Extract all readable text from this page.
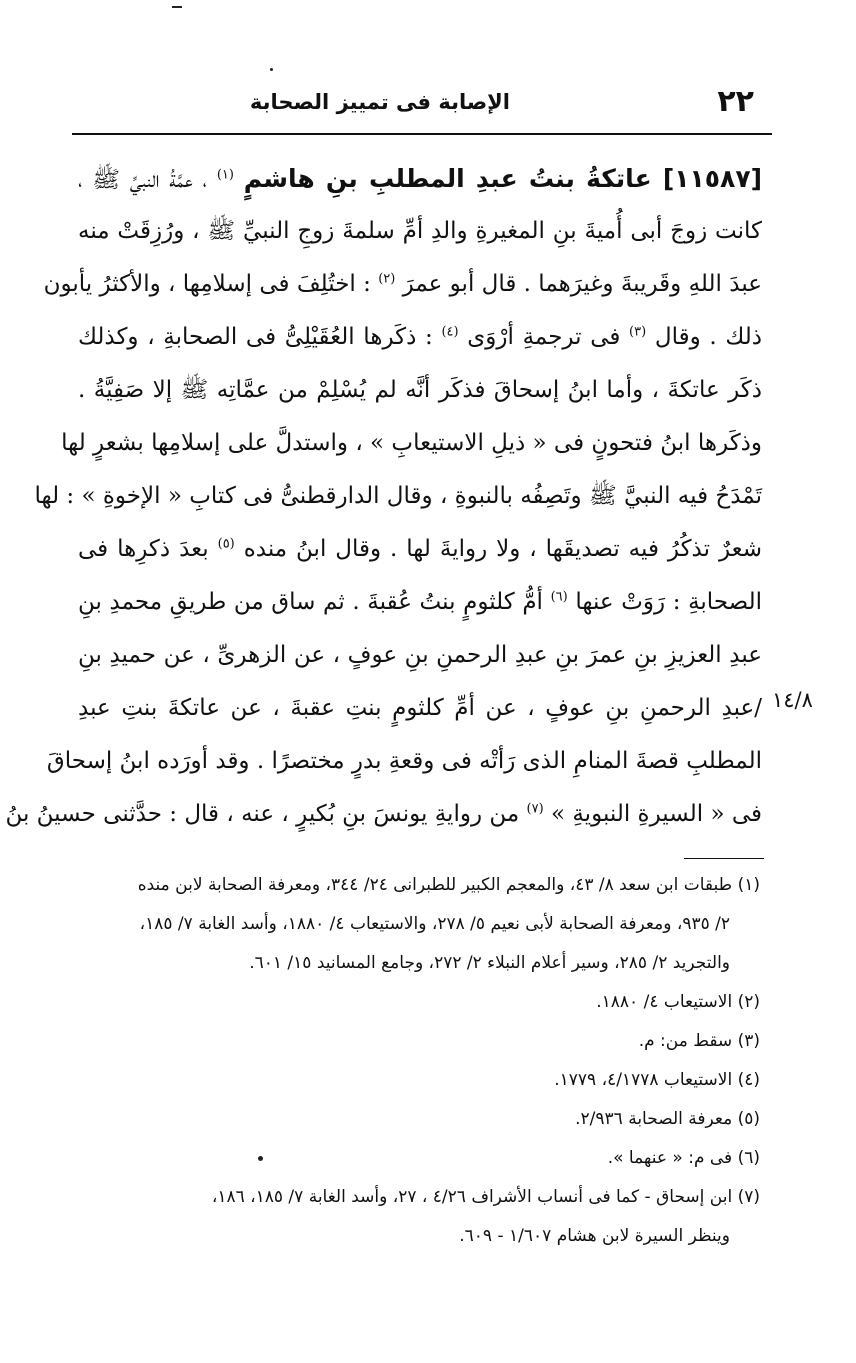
٢٢
الإصابة فى تمييز الصحابة
[١١٥٨٧] عاتكةُ بنتُ عبدِ المطلبِ بنِ هاشمٍ $^{(١)}$ ، عمَّةُ النبيِّ ﷺ ،
كانت زوجَ أبى أُميةَ بنِ المغيرةِ والدِ أمِّ سلمةَ زوجِ النبيِّ ﷺ ، ورُزِقَتْ منه
عبدَ اللهِ وقَريبةَ وغيرَهما . قال أبو عمرَ $^{(٢)}$ : اختُلِفَ فى إسلامِها ، والأكثرُ يأبون
ذلك . وقال $^{(٣)}$ فى ترجمةِ أرْوَى $^{(٤)}$ : ذكَرها العُقَيْلِىُّ فى الصحابةِ ، وكذلك
ذكَر عاتكةَ ، وأما ابنُ إسحاقَ فذكَر أنَّه لم يُسْلِمْ من عمَّاتِه ﷺ إلا صَفِيَّةُ .
وذكَرها ابنُ فتحونٍ فى « ذيلِ الاستيعابِ » ، واستدلَّ على إسلامِها بشعرٍ لها
تَمْدَحُ فيه النبيَّ ﷺ وتَصِفُه بالنبوةِ ، وقال الدارقطنىُّ فى كتابِ « الإخوةِ » : لها
شعرٌ تذكُرُ فيه تصديقَها ، ولا روايةَ لها . وقال ابنُ منده $^{(٥)}$ بعدَ ذكرِها فى
الصحابةِ : رَوَتْ عنها $^{(٦)}$ أمُّ كلثومٍ بنتُ عُقبةَ . ثم ساق من طريقِ محمدِ بنِ
عبدِ العزيزِ بنِ عمرَ بنِ عبدِ الرحمنِ بنِ عوفٍ ، عن الزهرىِّ ، عن حميدِ بنِ
/عبدِ الرحمنِ بنِ عوفٍ ، عن أمِّ كلثومٍ بنتِ عقبةَ ، عن عاتكةَ بنتِ عبدِ
المطلبِ قصةَ المنامِ الذى رَأتْه فى وقعةِ بدرٍ مختصرًا . وقد أورَده ابنُ إسحاقَ
فى « السيرةِ النبويةِ » $^{(٧)}$ من روايةِ يونسَ بنِ بُكيرٍ ، عنه ، قال : حدَّثنى حسينُ بنُ
١٤/٨
(١) طبقات ابن سعد ٨/ ٤٣، والمعجم الكبير للطبرانى ٢٤/ ٣٤٤، ومعرفة الصحابة لابن منده
٢/ ٩٣٥، ومعرفة الصحابة لأبى نعيم ٥/ ٢٧٨، والاستيعاب ٤/ ١٨٨٠، وأسد الغابة ٧/ ١٨٥،
والتجريد ٢/ ٢٨٥، وسير أعلام النبلاء ٢/ ٢٧٢، وجامع المسانيد ١٥/ ٦٠١.
(٢) الاستيعاب ٤/ ١٨٨٠.
(٣) سقط من: م.
(٤) الاستيعاب ٤/١٧٧٨، ١٧٧٩.
(٥) معرفة الصحابة ٢/٩٣٦.
(٦) فى م: « عنهما ».
(٧) ابن إسحاق - كما فى أنساب الأشراف ٤/٢٦ ، ٢٧، وأسد الغابة ٧/ ١٨٥، ١٨٦،
وينظر السيرة لابن هشام ١/٦٠٧ - ٦٠٩.
